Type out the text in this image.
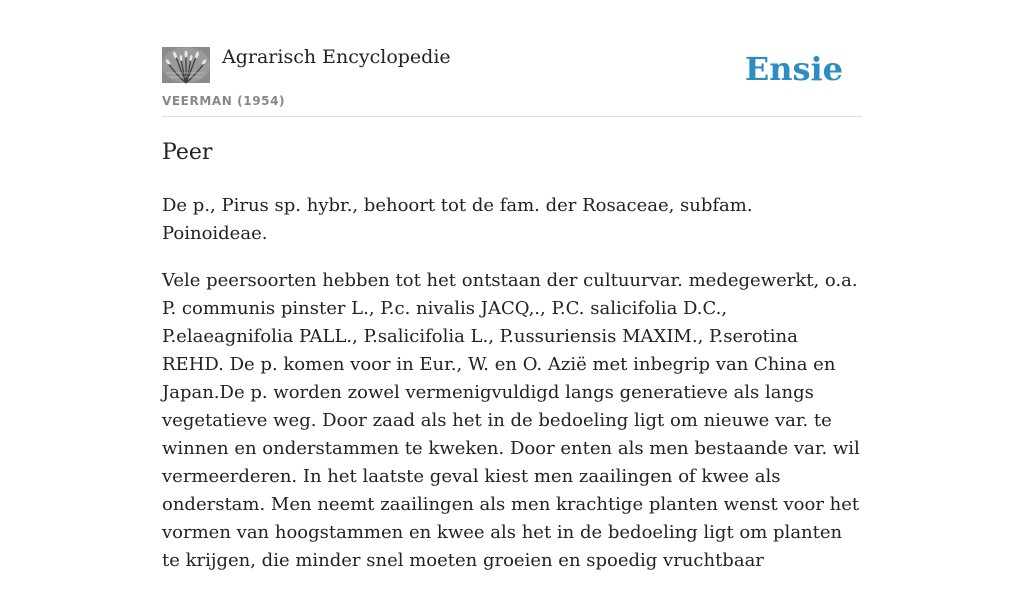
Agrarisch Encyclopedie
VEERMAN (1954)
Ensie
Peer

De p., Pirus sp. hybr., behoort tot de fam. der Rosaceae, subfam. Poinoideae.

Vele peersoorten hebben tot het ontstaan der cultuurvar. medegewerkt, o.a. P. communis pinster L., P.c. nivalis JACQ,., P.C. salicifolia D.C., P.elaeagnifolia PALL., P.salicifolia L., P.ussuriensis MAXIM., P.serotina REHD. De p. komen voor in Eur., W. en O. Azië met inbegrip van China en Japan.De p. worden zowel vermenigvuldigd langs generatieve als langs vegetatieve weg. Door zaad als het in de bedoeling ligt om nieuwe var. te winnen en onderstammen te kweken. Door enten als men bestaande var. wil vermeerderen. In het laatste geval kiest men zaailingen of kwee als onderstam. Men neemt zaailingen als men krachtige planten wenst voor het vormen van hoogstammen en kwee als het in de bedoeling ligt om planten te krijgen, die minder snel moeten groeien en spoedig vruchtbaar
